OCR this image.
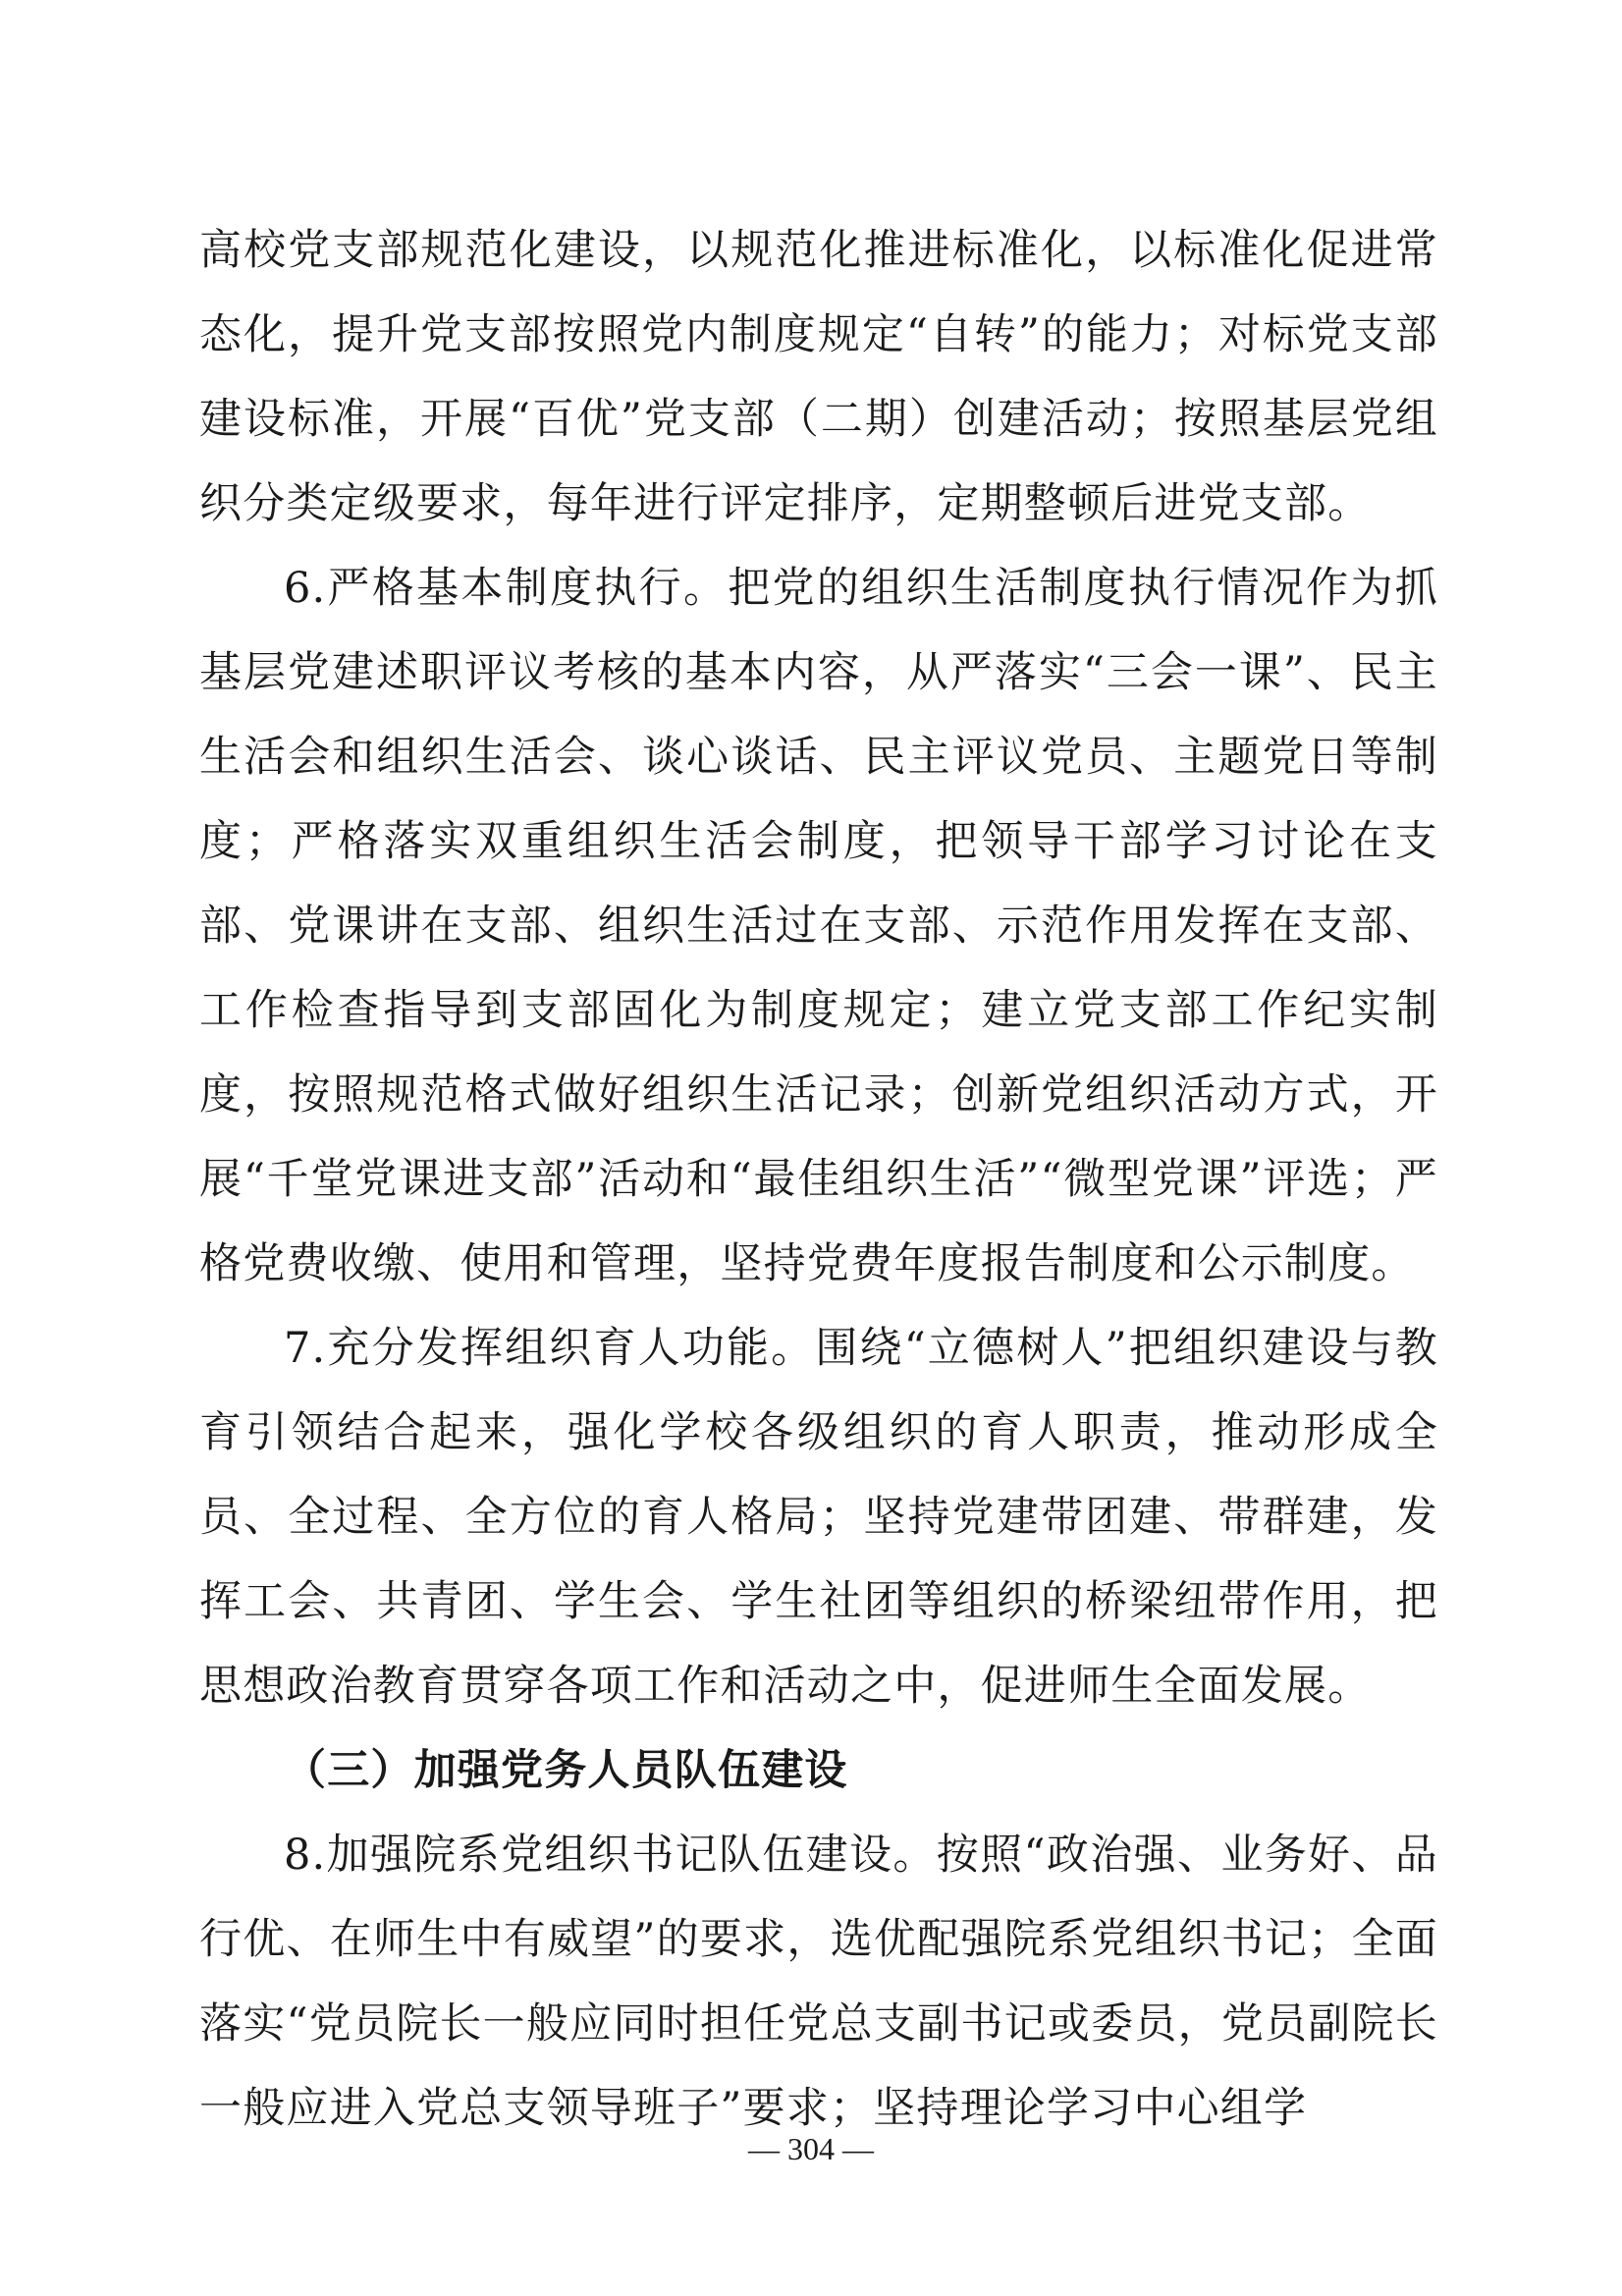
高校党支部规范化建设，以规范化推进标准化，以标准化促进常态化，提升党支部按照党内制度规定“自转”的能力；对标党支部建设标准，开展“百优”党支部（二期）创建活动；按照基层党组织分类定级要求，每年进行评定排序，定期整顿后进党支部。

6.严格基本制度执行。把党的组织生活制度执行情况作为抓基层党建述职评议考核的基本内容，从严落实“三会一课”、民主生活会和组织生活会、谈心谈话、民主评议党员、主题党日等制度；严格落实双重组织生活会制度，把领导干部学习讨论在支部、党课讲在支部、组织生活过在支部、示范作用发挥在支部、工作检查指导到支部固化为制度规定；建立党支部工作纪实制度，按照规范格式做好组织生活记录；创新党组织活动方式，开展“千堂党课进支部”活动和“最佳组织生活”“微型党课”评选；严格党费收缴、使用和管理，坚持党费年度报告制度和公示制度。

7.充分发挥组织育人功能。围绕“立德树人”把组织建设与教育引领结合起来，强化学校各级组织的育人职责，推动形成全员、全过程、全方位的育人格局；坚持党建带团建、带群建，发挥工会、共青团、学生会、学生社团等组织的桥梁纽带作用，把思想政治教育贯穿各项工作和活动之中，促进师生全面发展。

（三）加强党务人员队伍建设

8.加强院系党组织书记队伍建设。按照“政治强、业务好、品行优、在师生中有威望”的要求，选优配强院系党组织书记；全面落实“党员院长一般应同时担任党总支副书记或委员，党员副院长一般应进入党总支领导班子”要求；坚持理论学习中心组学

— 304 —
